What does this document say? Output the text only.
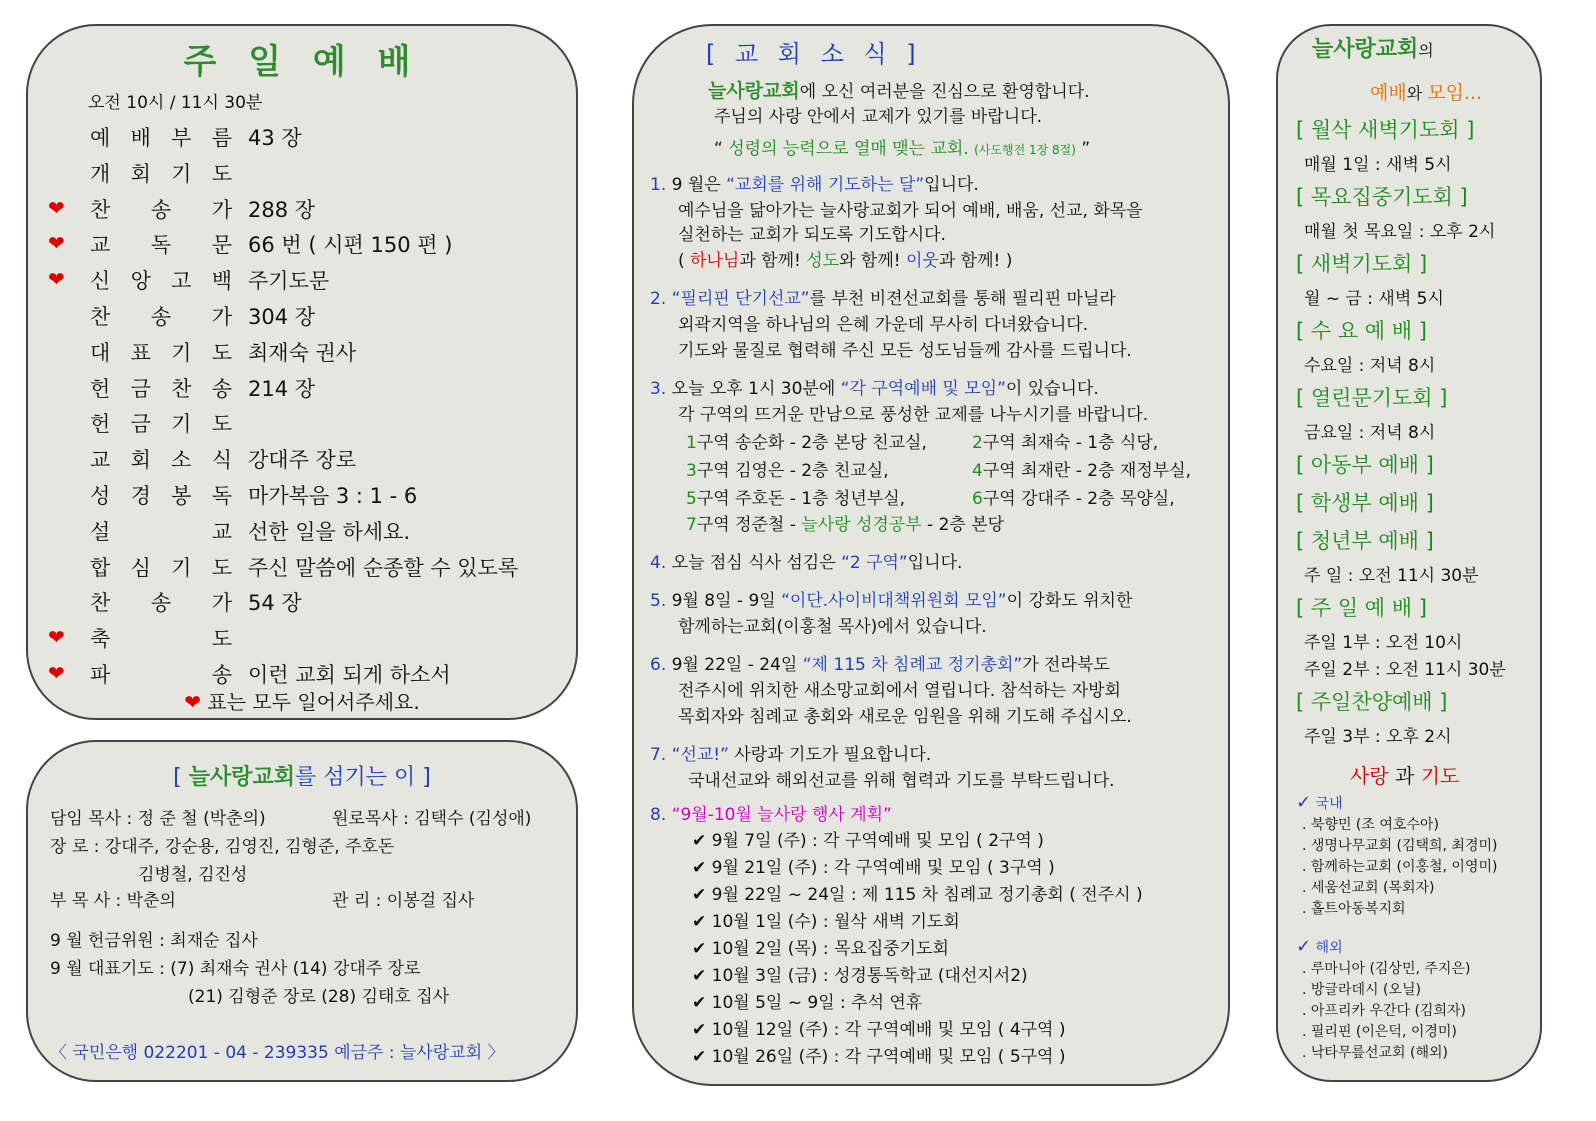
주 일 예 배
오전 10시 / 11시 30분
예 배 부 름 43 장
개 회 기 도
❤ 찬 송 가 288 장
❤ 교 독 문 66 번 ( 시편 150 편 )
❤ 신 앙 고 백 주기도문
찬 송 가 304 장
대 표 기 도 최재숙 권사
헌 금 찬 송 214 장
헌 금 기 도
교 회 소 식 강대주 장로
성 경 봉 독 마가복음 3 : 1 - 6
설	교 선한 일을 하세요.
합 심 기 도 주신 말씀에 순종할 수 있도록
찬 송 가 54 장
❤ 축	도
❤ 파	송 이런 교회 되게 하소서
❤ 표는 모두 일어서주세요.
[ 늘사랑교회를 섬기는 이 ]
담임 목사 : 정 준 철 (박춘의)	원로목사 : 김택수 (김성애)
장 로 : 강대주, 강순용, 김영진, 김형준, 주호돈
김병철, 김진성
부 목 사 : 박춘의	관 리 : 이봉걸 집사
9 월 헌금위원 : 최재순 집사
9 월 대표기도 : (7) 최재숙 권사 (14) 강대주 장로
(21) 김형준 장로 (28) 김태호 집사
〈 국민은행 022201 - 04 - 239335 예금주 : 늘사랑교회 〉
[ 교 회 소 식 ]
늘사랑교회에 오신 여러분을 진심으로 환영합니다.
주님의 사랑 안에서 교제가 있기를 바랍니다.
“ 성령의 능력으로 열매 맺는 교회. (사도행전 1장 8절) ”
1. 9 월은 “교회를 위해 기도하는 달”입니다.
예수님을 닮아가는 늘사랑교회가 되어 예배, 배움, 선교, 화목을
실천하는 교회가 되도록 기도합시다.
( 하나님과 함께! 성도와 함께! 이웃과 함께! )
2. “필리핀 단기선교”를 부천 비젼선교회를 통해 필리핀 마닐라
외곽지역을 하나님의 은혜 가운데 무사히 다녀왔습니다.
기도와 물질로 협력해 주신 모든 성도님들께 감사를 드립니다.
3. 오늘 오후 1시 30분에 “각 구역예배 및 모임”이 있습니다.
각 구역의 뜨거운 만남으로 풍성한 교제를 나누시기를 바랍니다.
1구역 송순화 - 2층 본당 친교실,	2구역 최재숙 - 1층 식당,
3구역 김영은 - 2층 친교실,	4구역 최재란 - 2층 재정부실,
5구역 주호돈 - 1층 청년부실,	6구역 강대주 - 2층 목양실,
7구역 정준철 - 늘사랑 성경공부 - 2층 본당
4. 오늘 점심 식사 섬김은 “2 구역”입니다.
5. 9월 8일 - 9일 “이단.사이비대책위원회 모임”이 강화도 위치한
함께하는교회(이홍철 목사)에서 있습니다.
6. 9월 22일 - 24일 “제 115 차 침례교 정기총회”가 전라북도
전주시에 위치한 새소망교회에서 열립니다. 참석하는 자방회
목회자와 침례교 총회와 새로운 임원을 위해 기도해 주십시오.
7. “선교!” 사랑과 기도가 필요합니다.
국내선교와 해외선교를 위해 협력과 기도를 부탁드립니다.
8. “9월-10월 늘사랑 행사 계획”
✔ 9월 7일 (주) : 각 구역예배 및 모임 ( 2구역 )
✔ 9월 21일 (주) : 각 구역예배 및 모임 ( 3구역 )
✔ 9월 22일 ~ 24일 : 제 115 차 침례교 정기총회 ( 전주시 )
✔ 10월 1일 (수) : 월삭 새벽 기도회
✔ 10월 2일 (목) : 목요집중기도회
✔ 10월 3일 (금) : 성경통독학교 (대선지서2)
✔ 10월 5일 ~ 9일 : 추석 연휴
✔ 10월 12일 (주) : 각 구역예배 및 모임 ( 4구역 )
✔ 10월 26일 (주) : 각 구역예배 및 모임 ( 5구역 )
늘사랑교회의
예배와 모임...
[ 월삭 새벽기도회 ]
매월 1일 : 새벽 5시
[ 목요집중기도회 ]
매월 첫 목요일 : 오후 2시
[ 새벽기도회 ]
월 ~ 금 : 새벽 5시
[ 수 요 예 배 ]
수요일 : 저녁 8시
[ 열린문기도회 ]
금요일 : 저녁 8시
[ 아동부 예배 ]
[ 학생부 예배 ]
[ 청년부 예배 ]
주 일 : 오전 11시 30분
[ 주 일 예 배 ]
주일 1부 : 오전 10시
주일 2부 : 오전 11시 30분
[ 주일찬양예배 ]
주일 3부 : 오후 2시
사랑 과 기도
✓ 국내
. 북향민 (조 여호수아)
. 생명나무교회 (김택희, 최경미)
. 함께하는교회 (이홍철, 이영미)
. 세움선교회 (목회자)
. 홀트아동복지회
✓ 해외
. 루마니아 (김상민, 주지은)
. 방글라데시 (오닐)
. 아프리카 우간다 (김희자)
. 필리핀 (이은덕, 이경미)
. 낙타무릎선교회 (해외)
